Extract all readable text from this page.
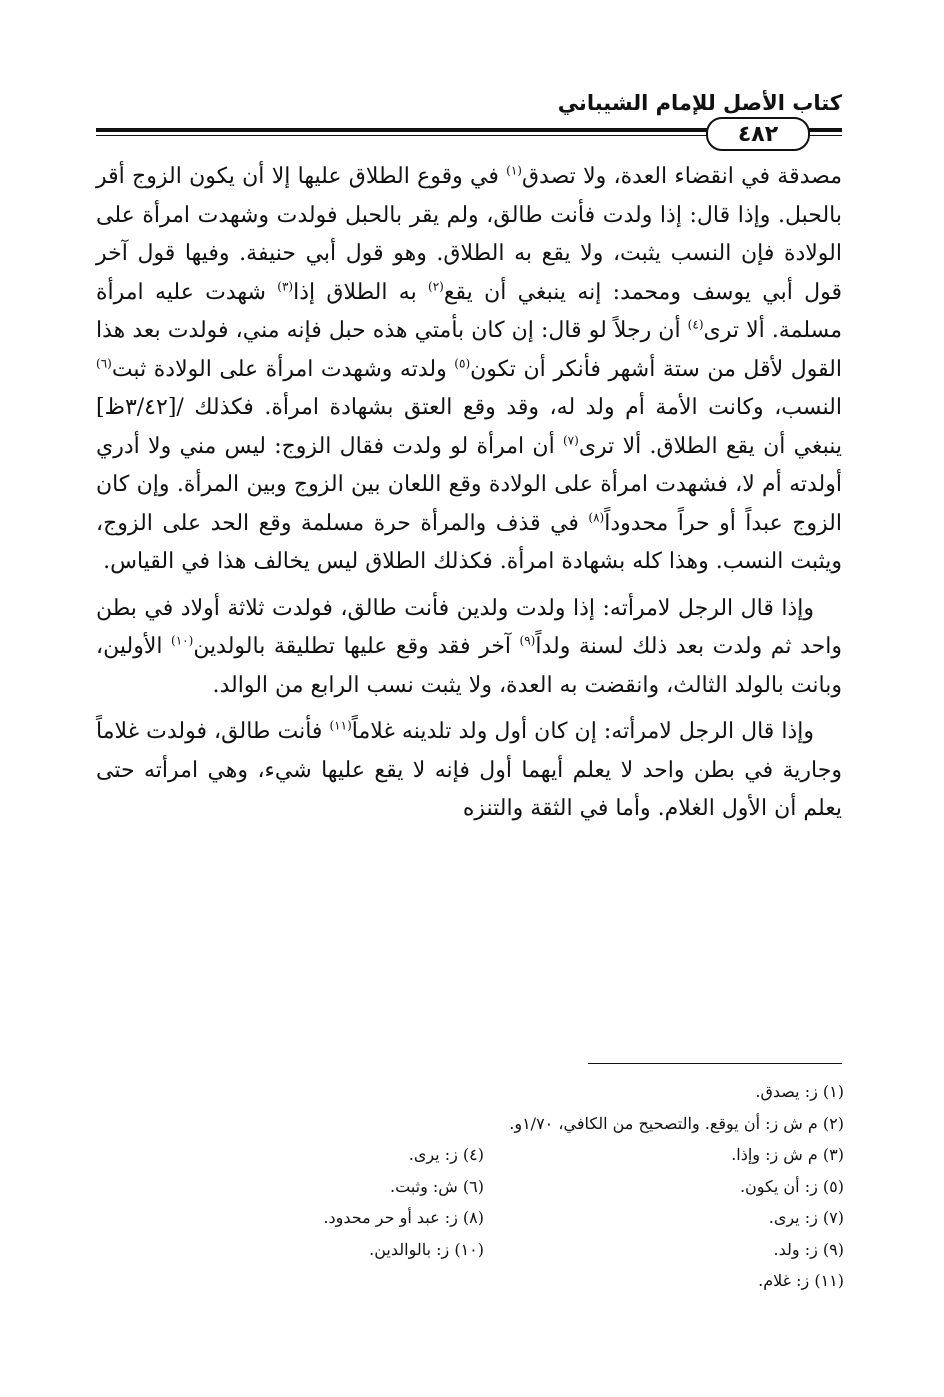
كتاب الأصل للإمام الشيباني
٤٨٢

مصدقة في انقضاء العدة، ولا تصدق$^{(١)}$ في وقوع الطلاق عليها إلا أن يكون الزوج أقر بالحبل. وإذا قال: إذا ولدت فأنت طالق، ولم يقر بالحبل فولدت وشهدت امرأة على الولادة فإن النسب يثبت، ولا يقع به الطلاق. وهو قول أبي حنيفة. وفيها قول آخر قول أبي يوسف ومحمد: إنه ينبغي أن يقع$^{(٢)}$ به الطلاق إذا$^{(٣)}$ شهدت عليه امرأة مسلمة. ألا ترى$^{(٤)}$ أن رجلاً لو قال: إن كان بأمتي هذه حبل فإنه مني، فولدت بعد هذا القول لأقل من ستة أشهر فأنكر أن تكون$^{(٥)}$ ولدته وشهدت امرأة على الولادة ثبت$^{(٦)}$ النسب، وكانت الأمة أم ولد له، وقد وقع العتق بشهادة امرأة. فكذلك /[٣/٤٢ظ] ينبغي أن يقع الطلاق. ألا ترى$^{(٧)}$ أن امرأة لو ولدت فقال الزوج: ليس مني ولا أدري أولدته أم لا، فشهدت امرأة على الولادة وقع اللعان بين الزوج وبين المرأة. وإن كان الزوج عبداً أو حراً محدوداً$^{(٨)}$ في قذف والمرأة حرة مسلمة وقع الحد على الزوج، ويثبت النسب. وهذا كله بشهادة امرأة. فكذلك الطلاق ليس يخالف هذا في القياس.

وإذا قال الرجل لامرأته: إذا ولدت ولدين فأنت طالق، فولدت ثلاثة أولاد في بطن واحد ثم ولدت بعد ذلك لسنة ولداً$^{(٩)}$ آخر فقد وقع عليها تطليقة بالولدين$^{(١٠)}$ الأولين، وبانت بالولد الثالث، وانقضت به العدة، ولا يثبت نسب الرابع من الوالد.

وإذا قال الرجل لامرأته: إن كان أول ولد تلدينه غلاماً$^{(١١)}$ فأنت طالق، فولدت غلاماً وجارية في بطن واحد لا يعلم أيهما أول فإنه لا يقع عليها شيء، وهي امرأته حتى يعلم أن الأول الغلام. وأما في الثقة والتنزه

(١) ز: يصدق.
(٢) م ش ز: أن يوقع. والتصحيح من الكافي، ١/٧٠و.
(٣) م ش ز: وإذا.
(٤) ز: يرى.
(٥) ز: أن يكون.
(٦) ش: وثبت.
(٧) ز: يرى.
(٨) ز: عبد أو حر محدود.
(٩) ز: ولد.
(١٠) ز: بالوالدين.
(١١) ز: غلام.
